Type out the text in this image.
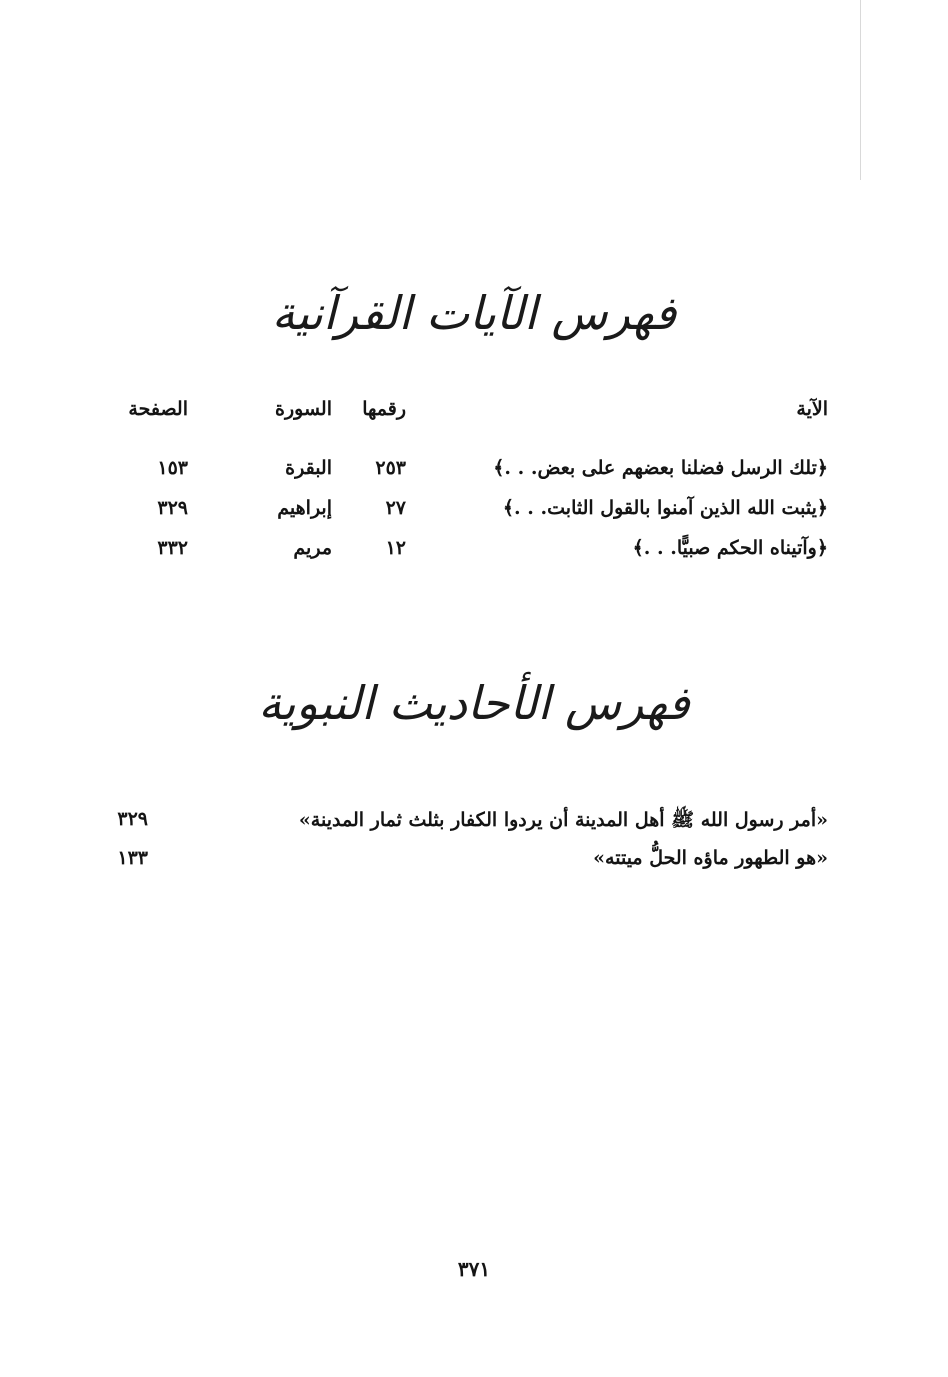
فهرس الآيات القرآنية
الآية
رقمها
السورة
الصفحة
﴿تلك الرسل فضلنا بعضهم على بعض. . .﴾
٢٥٣
البقرة
١٥٣
﴿يثبت الله الذين آمنوا بالقول الثابت. . .﴾
٢٧
إبراهيم
٣٢٩
﴿وآتيناه الحكم صبيًّا. . .﴾
١٢
مريم
٣٣٢
فهرس الأحاديث النبوية
«أمر رسول الله ﷺ أهل المدينة أن يردوا الكفار بثلث ثمار المدينة»
٣٢٩
«هو الطهور ماؤه الحلُّ ميتته»
١٣٣
٣٧١
